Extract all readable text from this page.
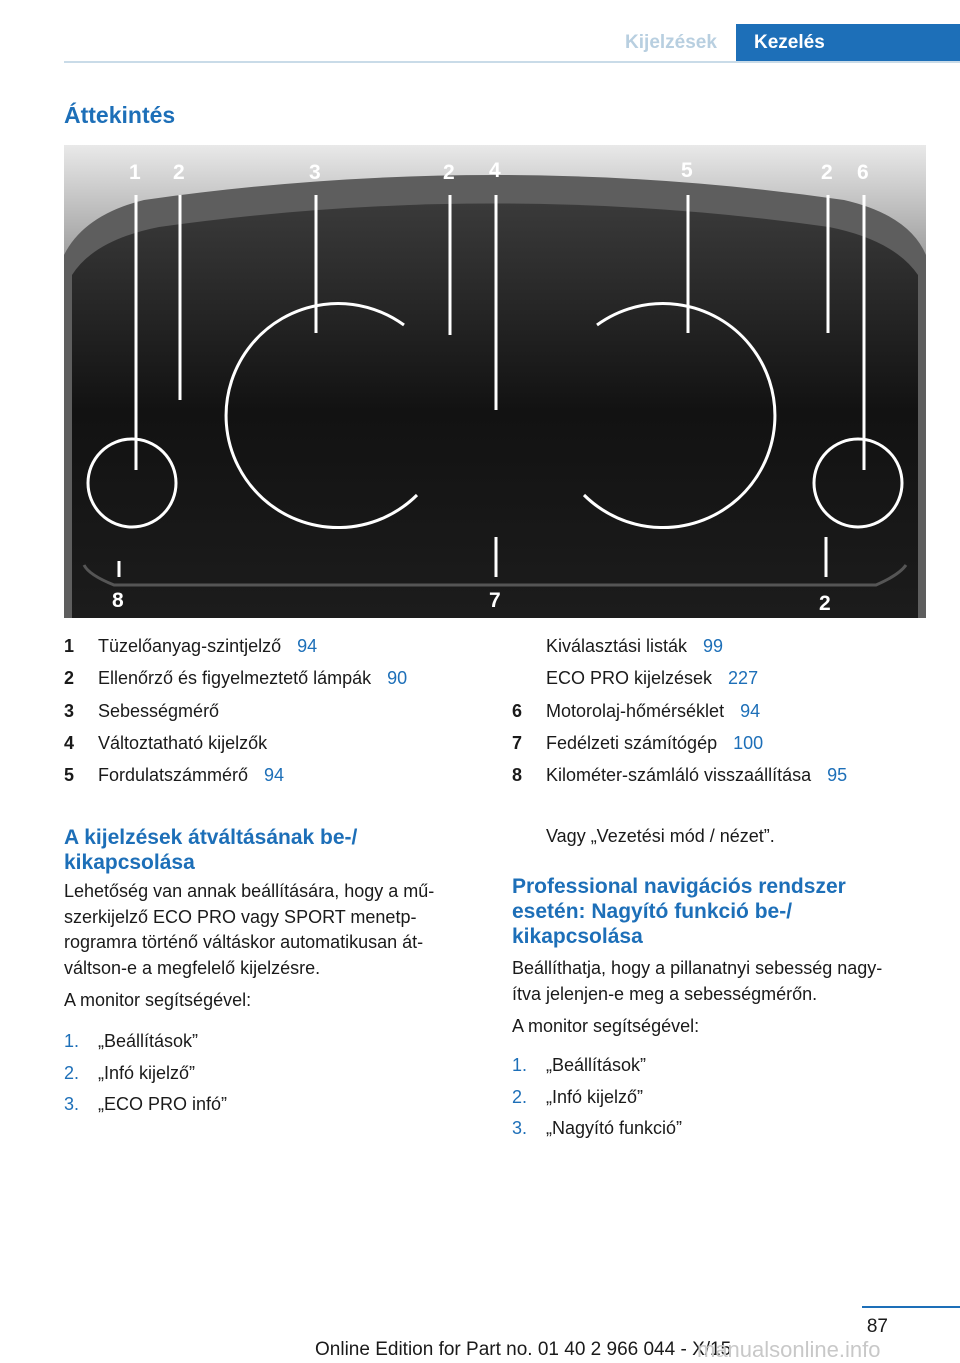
Kijelzések	Kezelés
Áttekintés
1 2	3	2 4	5	2 6
8	7	2
1	Tüzelőanyag-szintjelző 94
2	Ellenőrző és figyelmeztető lámpák 90
3	Sebességmérő
4	Változtatható kijelzők
5	Fordulatszámmérő 94
Kiválasztási listák 99
ECO PRO kijelzések 227
6	Motorolaj-hőmérséklet 94
7	Fedélzeti számítógép 100
8	Kilométer-számláló visszaállítása 95
A kijelzések átváltásának be-/
kikapcsolása
Lehetőség van annak beállítására, hogy a mű‐
szerkijelző ECO PRO vagy SPORT menetp‐
rogramra történő váltáskor automatikusan át‐
váltson-e a megfelelő kijelzésre.
A monitor segítségével:
1.	„Beállítások”
2.	„Infó kijelző”
3.	„ECO PRO infó”
Vagy „Vezetési mód / nézet”.
Professional navigációs rendszer
esetén: Nagyító funkció be-/
kikapcsolása
Beállíthatja, hogy a pillanatnyi sebesség nagy‐
ítva jelenjen-e meg a sebességmérőn.
A monitor segítségével:
1.	„Beállítások”
2.	„Infó kijelző”
3.	„Nagyító funkció”
87
Online Edition for Part no. 01 40 2 966 044 - X/15
manualsonline.info
